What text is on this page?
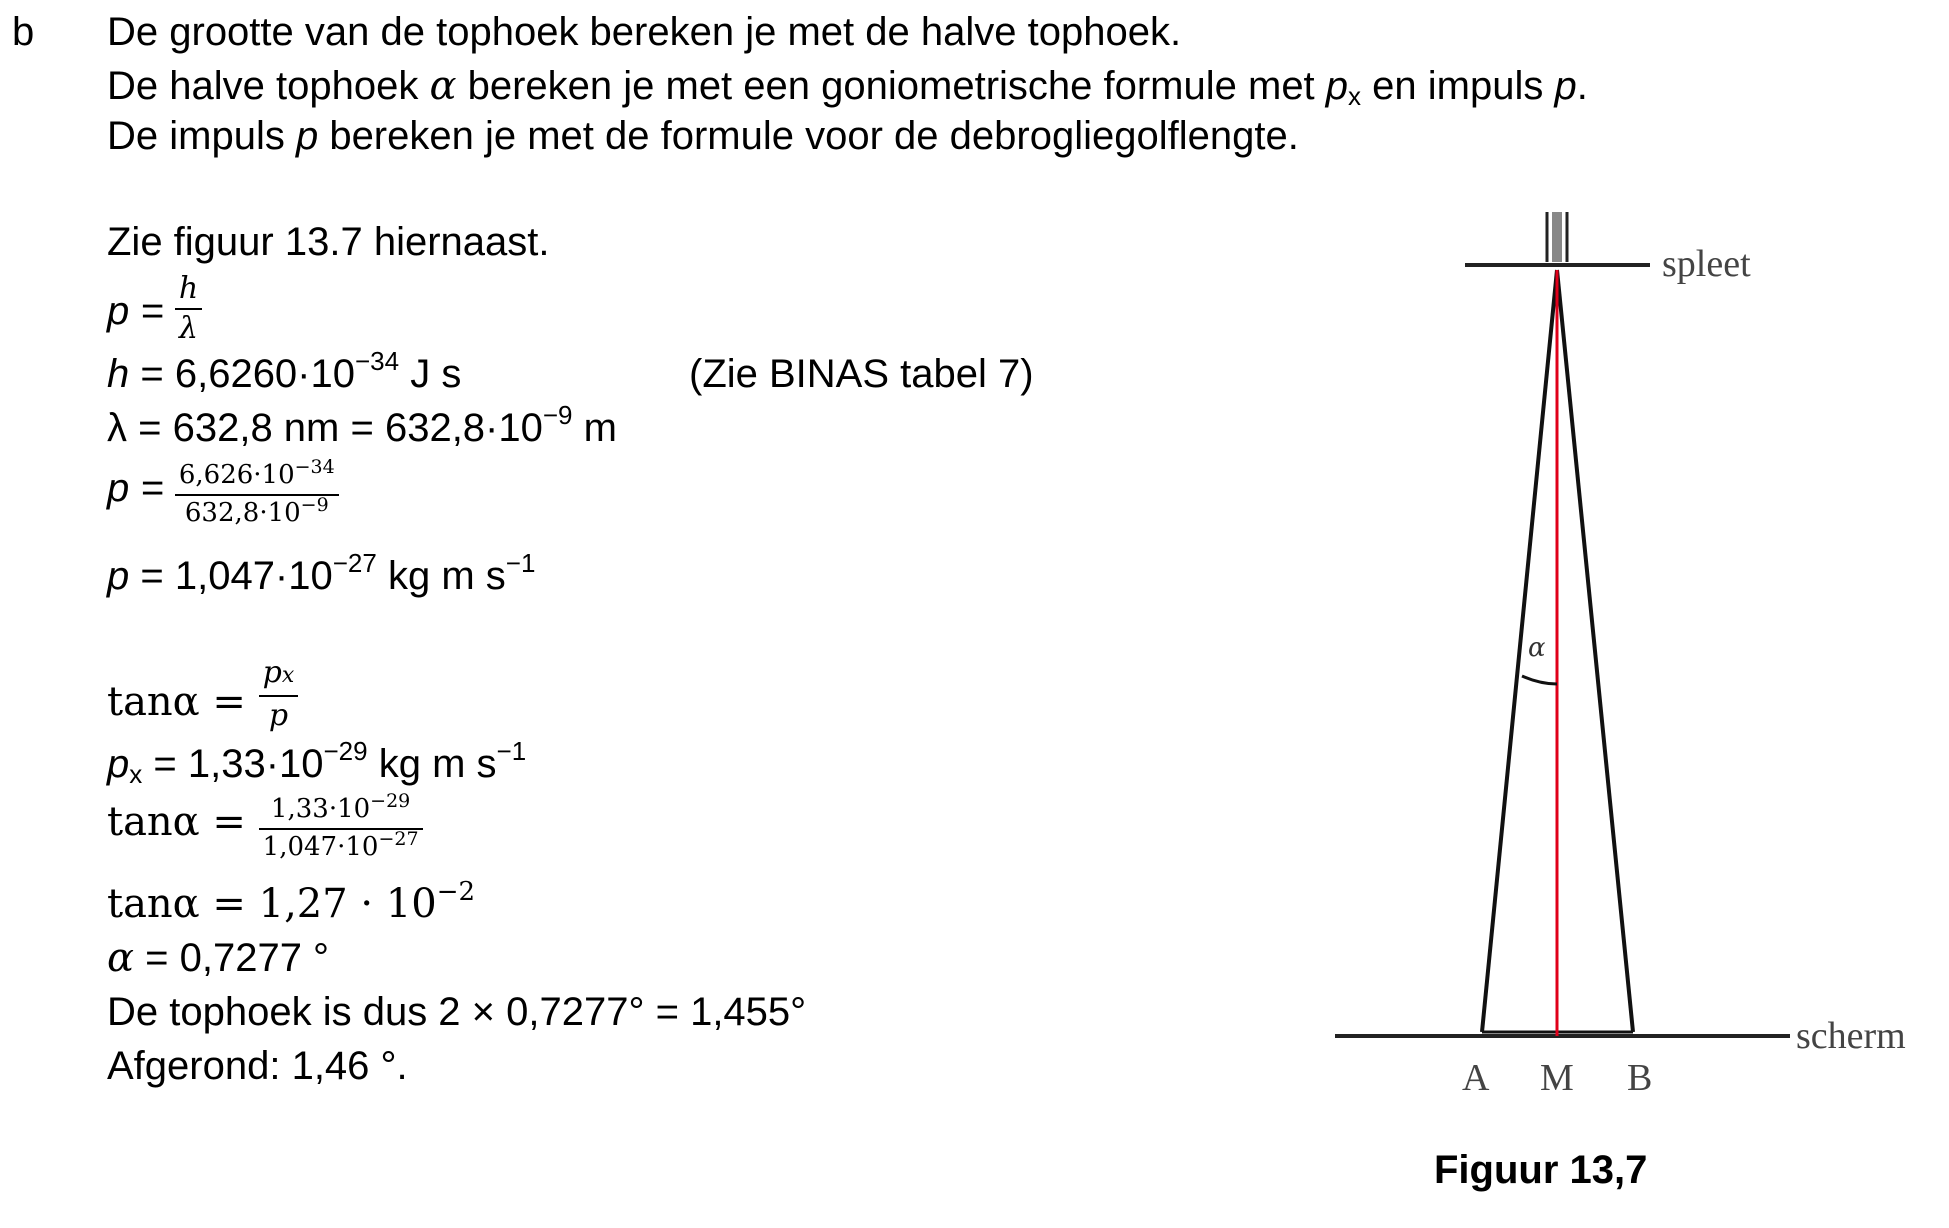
b De grootte van de tophoek bereken je met de halve tophoek.
De halve tophoek α bereken je met een goniometrische formule met px en impuls p.
De impuls p bereken je met de formule voor de debrogliegolflengte.
Zie figuur 13.7 hiernaast.
$p = \frac{h}{\lambda}$
$h = 6,6260\cdot 10^{-34}$ J s	(Zie BINAS tabel 7)
λ = 632,8 nm = $632,8\cdot 10^{-9}$ m
$p = \frac{6,626\cdot 10^{-34}}{632,8\cdot 10^{-9}}$
$p = 1,047\cdot 10^{-27}$ kg m $s^{-1}$
$\tan\alpha = \frac{px}{p}$
px = $1,33\cdot 10^{-29}$ kg m $s^{-1}$
$\tan\alpha = \frac{1,33\cdot 10^{-29}}{1,047\cdot 10^{-27}}$
$\tan\alpha = 1,27 \cdot 10^{-2}$
α = 0,7277 °
De tophoek is dus 2 × 0,7277° = 1,455°
Afgerond: 1,46 °.
α
spleet
scherm
A M B
Figuur 13,7
